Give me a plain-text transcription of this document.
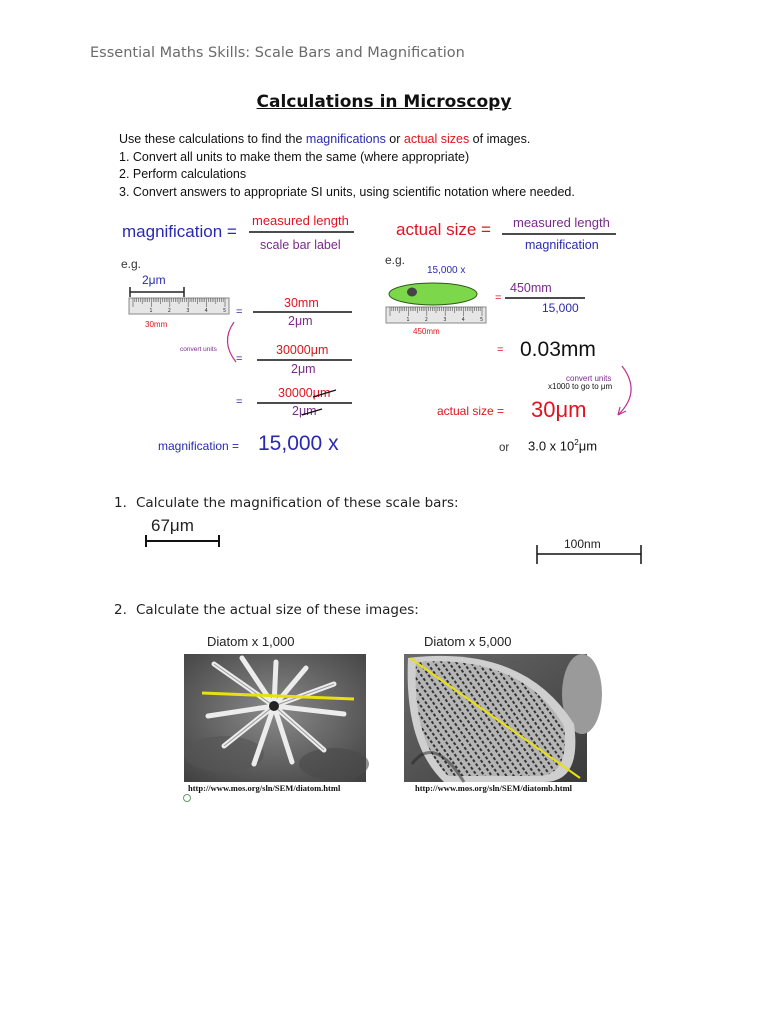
Essential Maths Skills: Scale Bars and Magnification
Calculations in Microscopy
Use these calculations to find the magnifications or actual sizes of images.
1. Convert all units to make them the same (where appropriate)
2. Perform calculations
3. Convert answers to appropriate SI units, using scientific notation where needed.
magnification =
measured length
scale bar label
e.g.
2μm
1	2	3	4	5
30mm
=
30mm
2μm
convert units
=
30000μm
2μm
=
30000μm
2μm
magnification = 15,000 x
actual size = measured length
magnification
e.g.
15,000 x
1	2	3	4	5
450mm
=
450mm
15,000
= 0.03mm
convert units
x1000 to go to μm
actual size = 30μm
or 3.0 x $10^2\mu m$
1. Calculate the magnification of these scale bars:
67μm
100nm
2. Calculate the actual size of these images:
Diatom x 1,000
http://www.mos.org/sln/SEM/diatom.html
Diatom x 5,000
http://www.mos.org/sln/SEM/diatomb.html
